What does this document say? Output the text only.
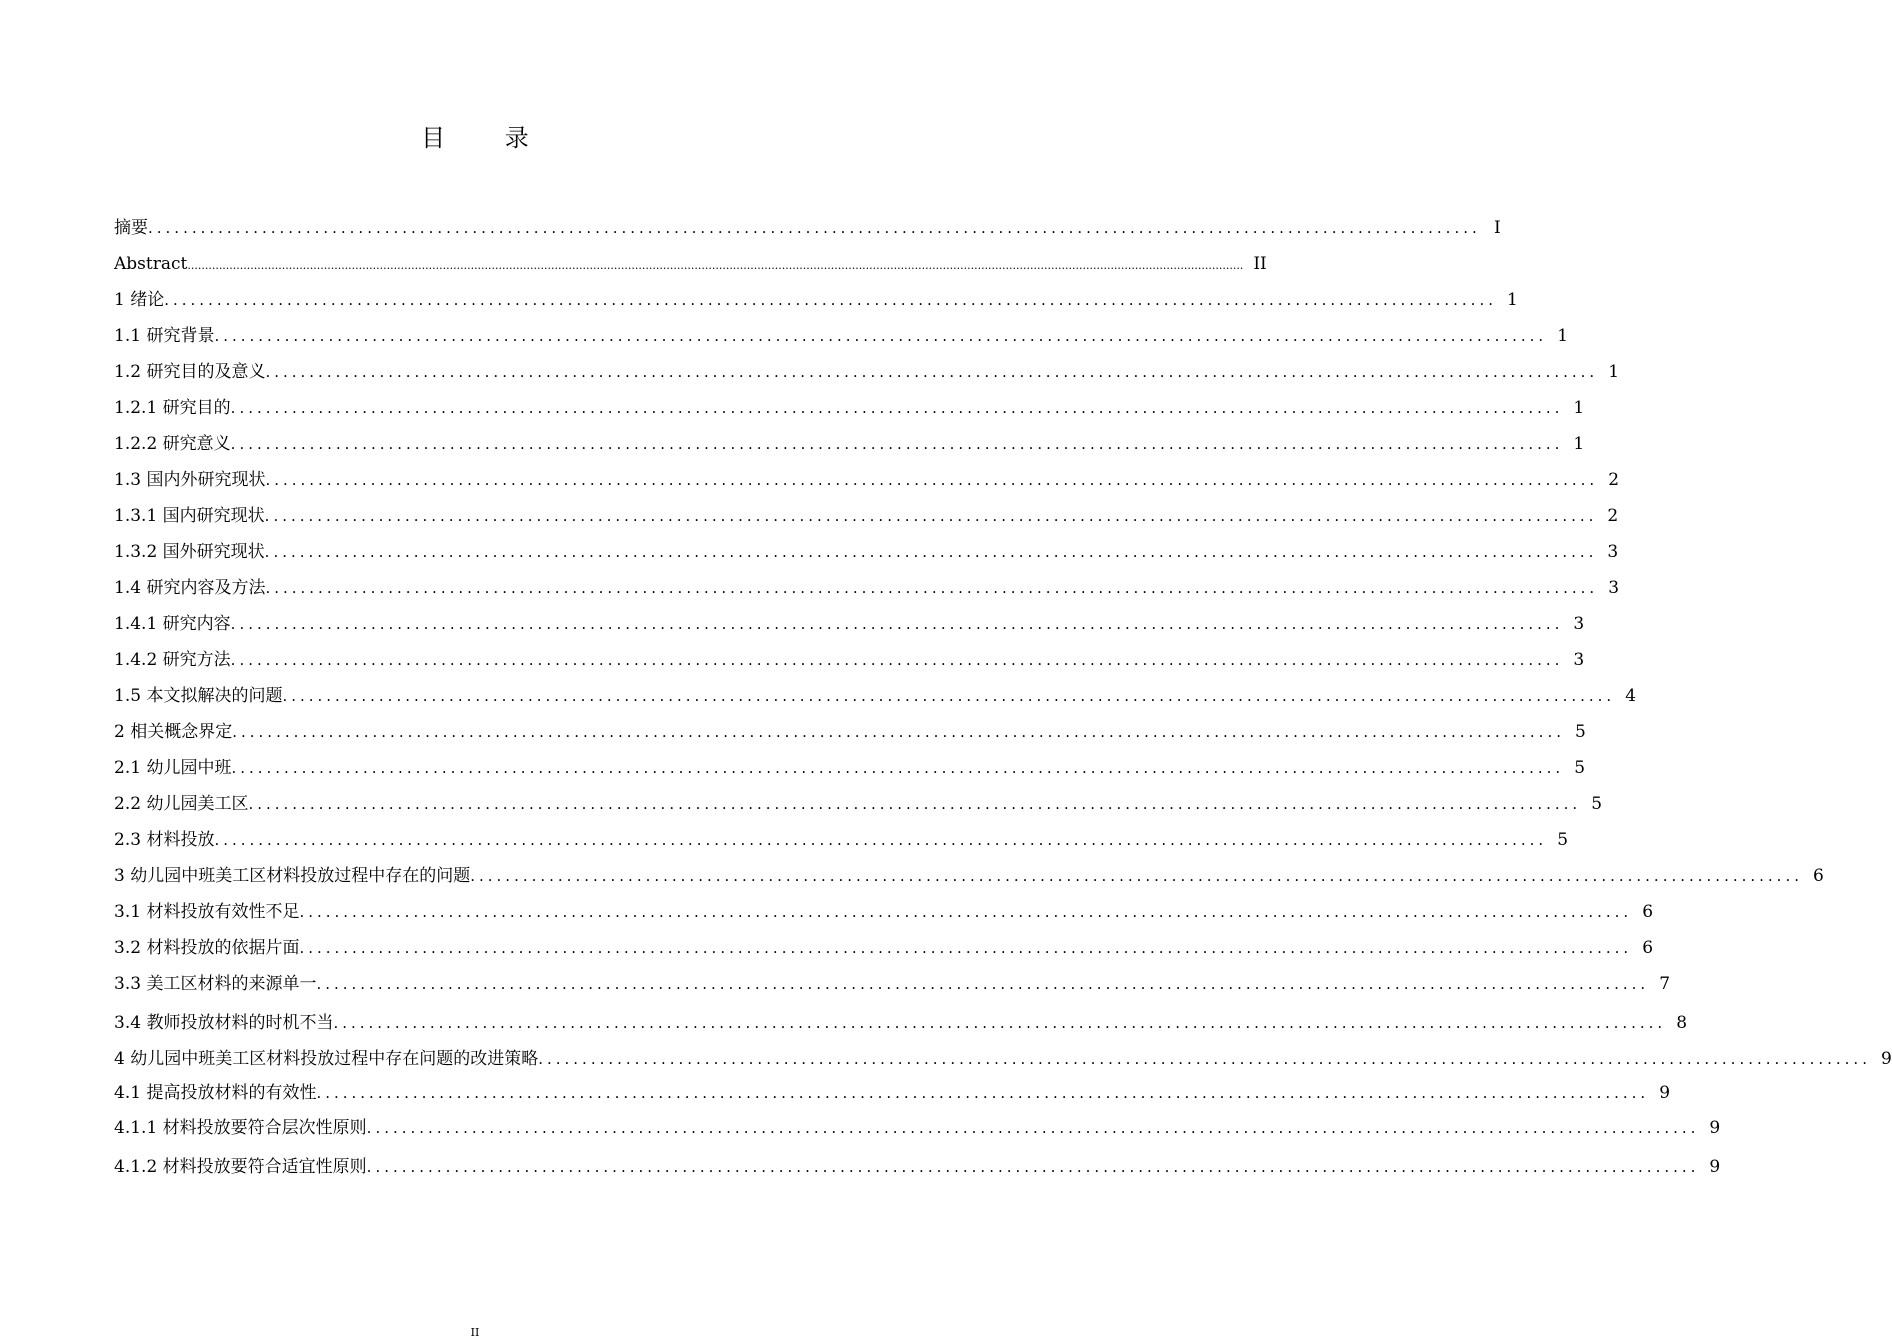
目 录
摘要 ........................................................................................................................................................ I
Abstract .............................................................................................................................................................................................................................................................................................................. II
1 绪论 ........................................................................................................................................................ 1
1.1 研究背景 ........................................................................................................................................................ 1
1.2 研究目的及意义 ........................................................................................................................................................ 1
1.2.1 研究目的 ........................................................................................................................................................ 1
1.2.2 研究意义 ........................................................................................................................................................ 1
1.3 国内外研究现状 ........................................................................................................................................................ 2
1.3.1 国内研究现状 ........................................................................................................................................................ 2
1.3.2 国外研究现状 ........................................................................................................................................................ 3
1.4 研究内容及方法 ........................................................................................................................................................ 3
1.4.1 研究内容 ........................................................................................................................................................ 3
1.4.2 研究方法 ........................................................................................................................................................ 3
1.5 本文拟解决的问题 ........................................................................................................................................................ 4
2 相关概念界定 ........................................................................................................................................................ 5
2.1 幼儿园中班 ........................................................................................................................................................ 5
2.2 幼儿园美工区 ........................................................................................................................................................ 5
2.3 材料投放 ........................................................................................................................................................ 5
3 幼儿园中班美工区材料投放过程中存在的问题 ........................................................................................................................................................ 6
3.1 材料投放有效性不足 ........................................................................................................................................................ 6
3.2 材料投放的依据片面 ........................................................................................................................................................ 6
3.3 美工区材料的来源单一 ........................................................................................................................................................ 7
3.4 教师投放材料的时机不当 ........................................................................................................................................................ 8
4 幼儿园中班美工区材料投放过程中存在问题的改进策略 ........................................................................................................................................................ 9
4.1 提高投放材料的有效性 ........................................................................................................................................................ 9
4.1.1 材料投放要符合层次性原则 ........................................................................................................................................................ 9
4.1.2 材料投放要符合适宜性原则 ........................................................................................................................................................ 9
II
